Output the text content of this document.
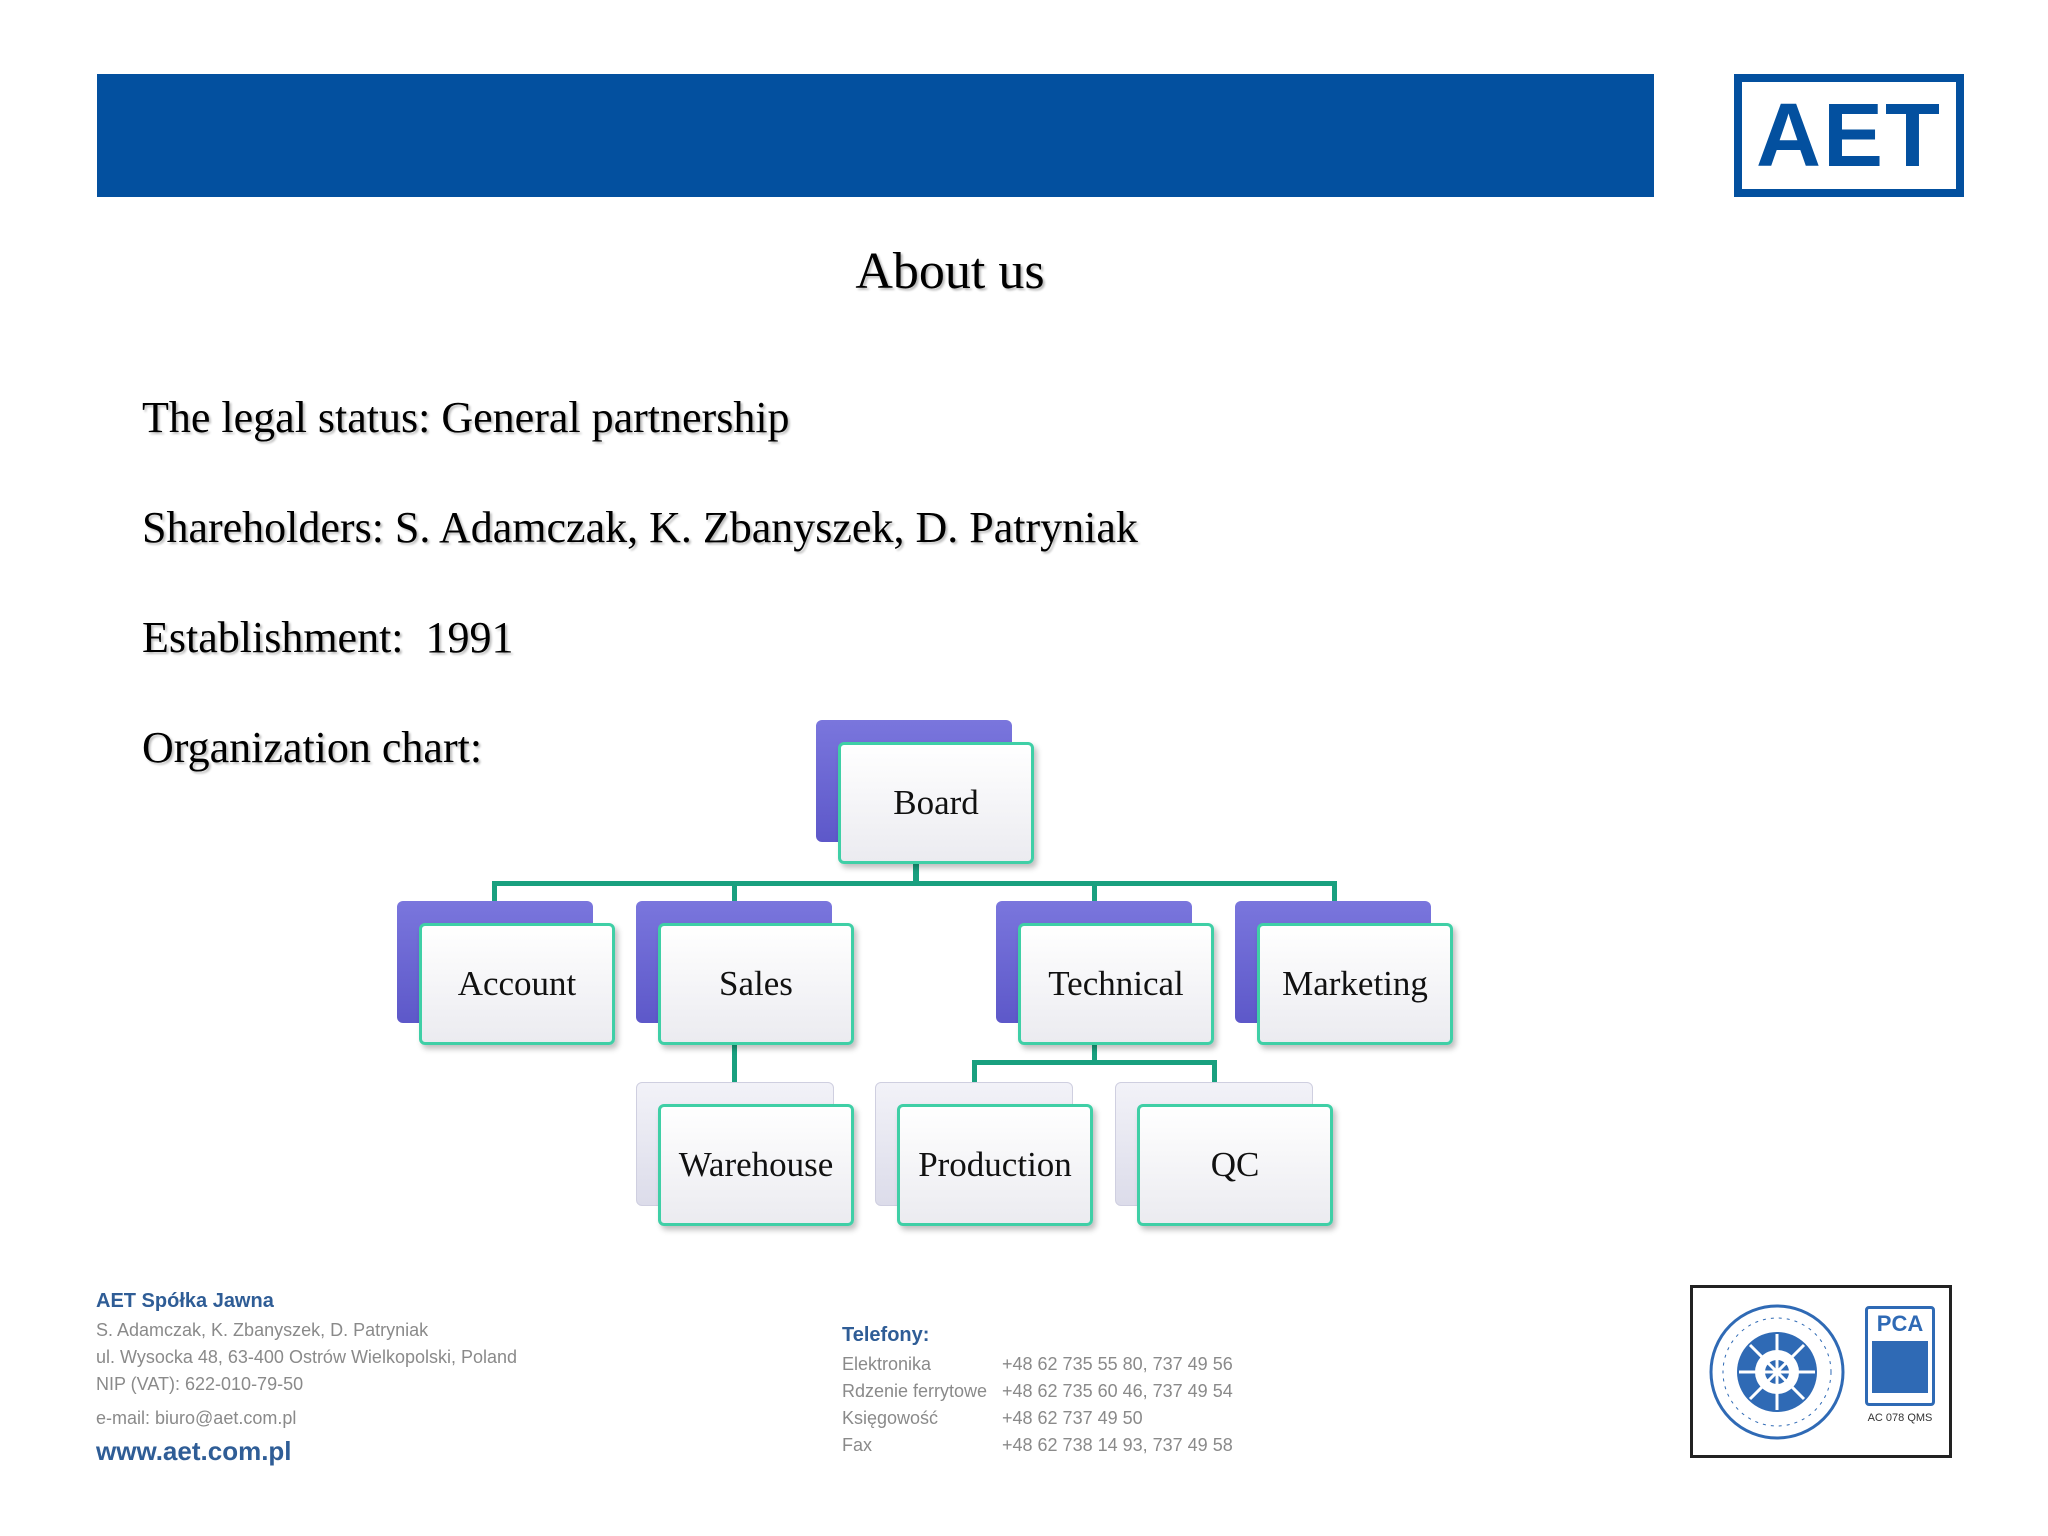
AET
About us
The legal status: General partnership
Shareholders: S. Adamczak, K. Zbanyszek, D. Patryniak
Establishment:  1991
Organization chart:
Board
Account	Sales	Technical	Marketing
Warehouse	Production	QC
AET Spółka Jawna
S. Adamczak, K. Zbanyszek, D. Patryniak
ul. Wysocka 48, 63-400 Ostrów Wielkopolski, Poland
NIP (VAT): 622-010-79-50
e-mail: biuro@aet.com.pl
www.aet.com.pl
Telefony:
Elektronika	+48 62 735 55 80, 737 49 56
Rdzenie ferrytowe +48 62 735 60 46, 737 49 54
Księgowość	+48 62 737 49 50
Fax	+48 62 738 14 93, 737 49 58
PCA
AC 078 QMS
